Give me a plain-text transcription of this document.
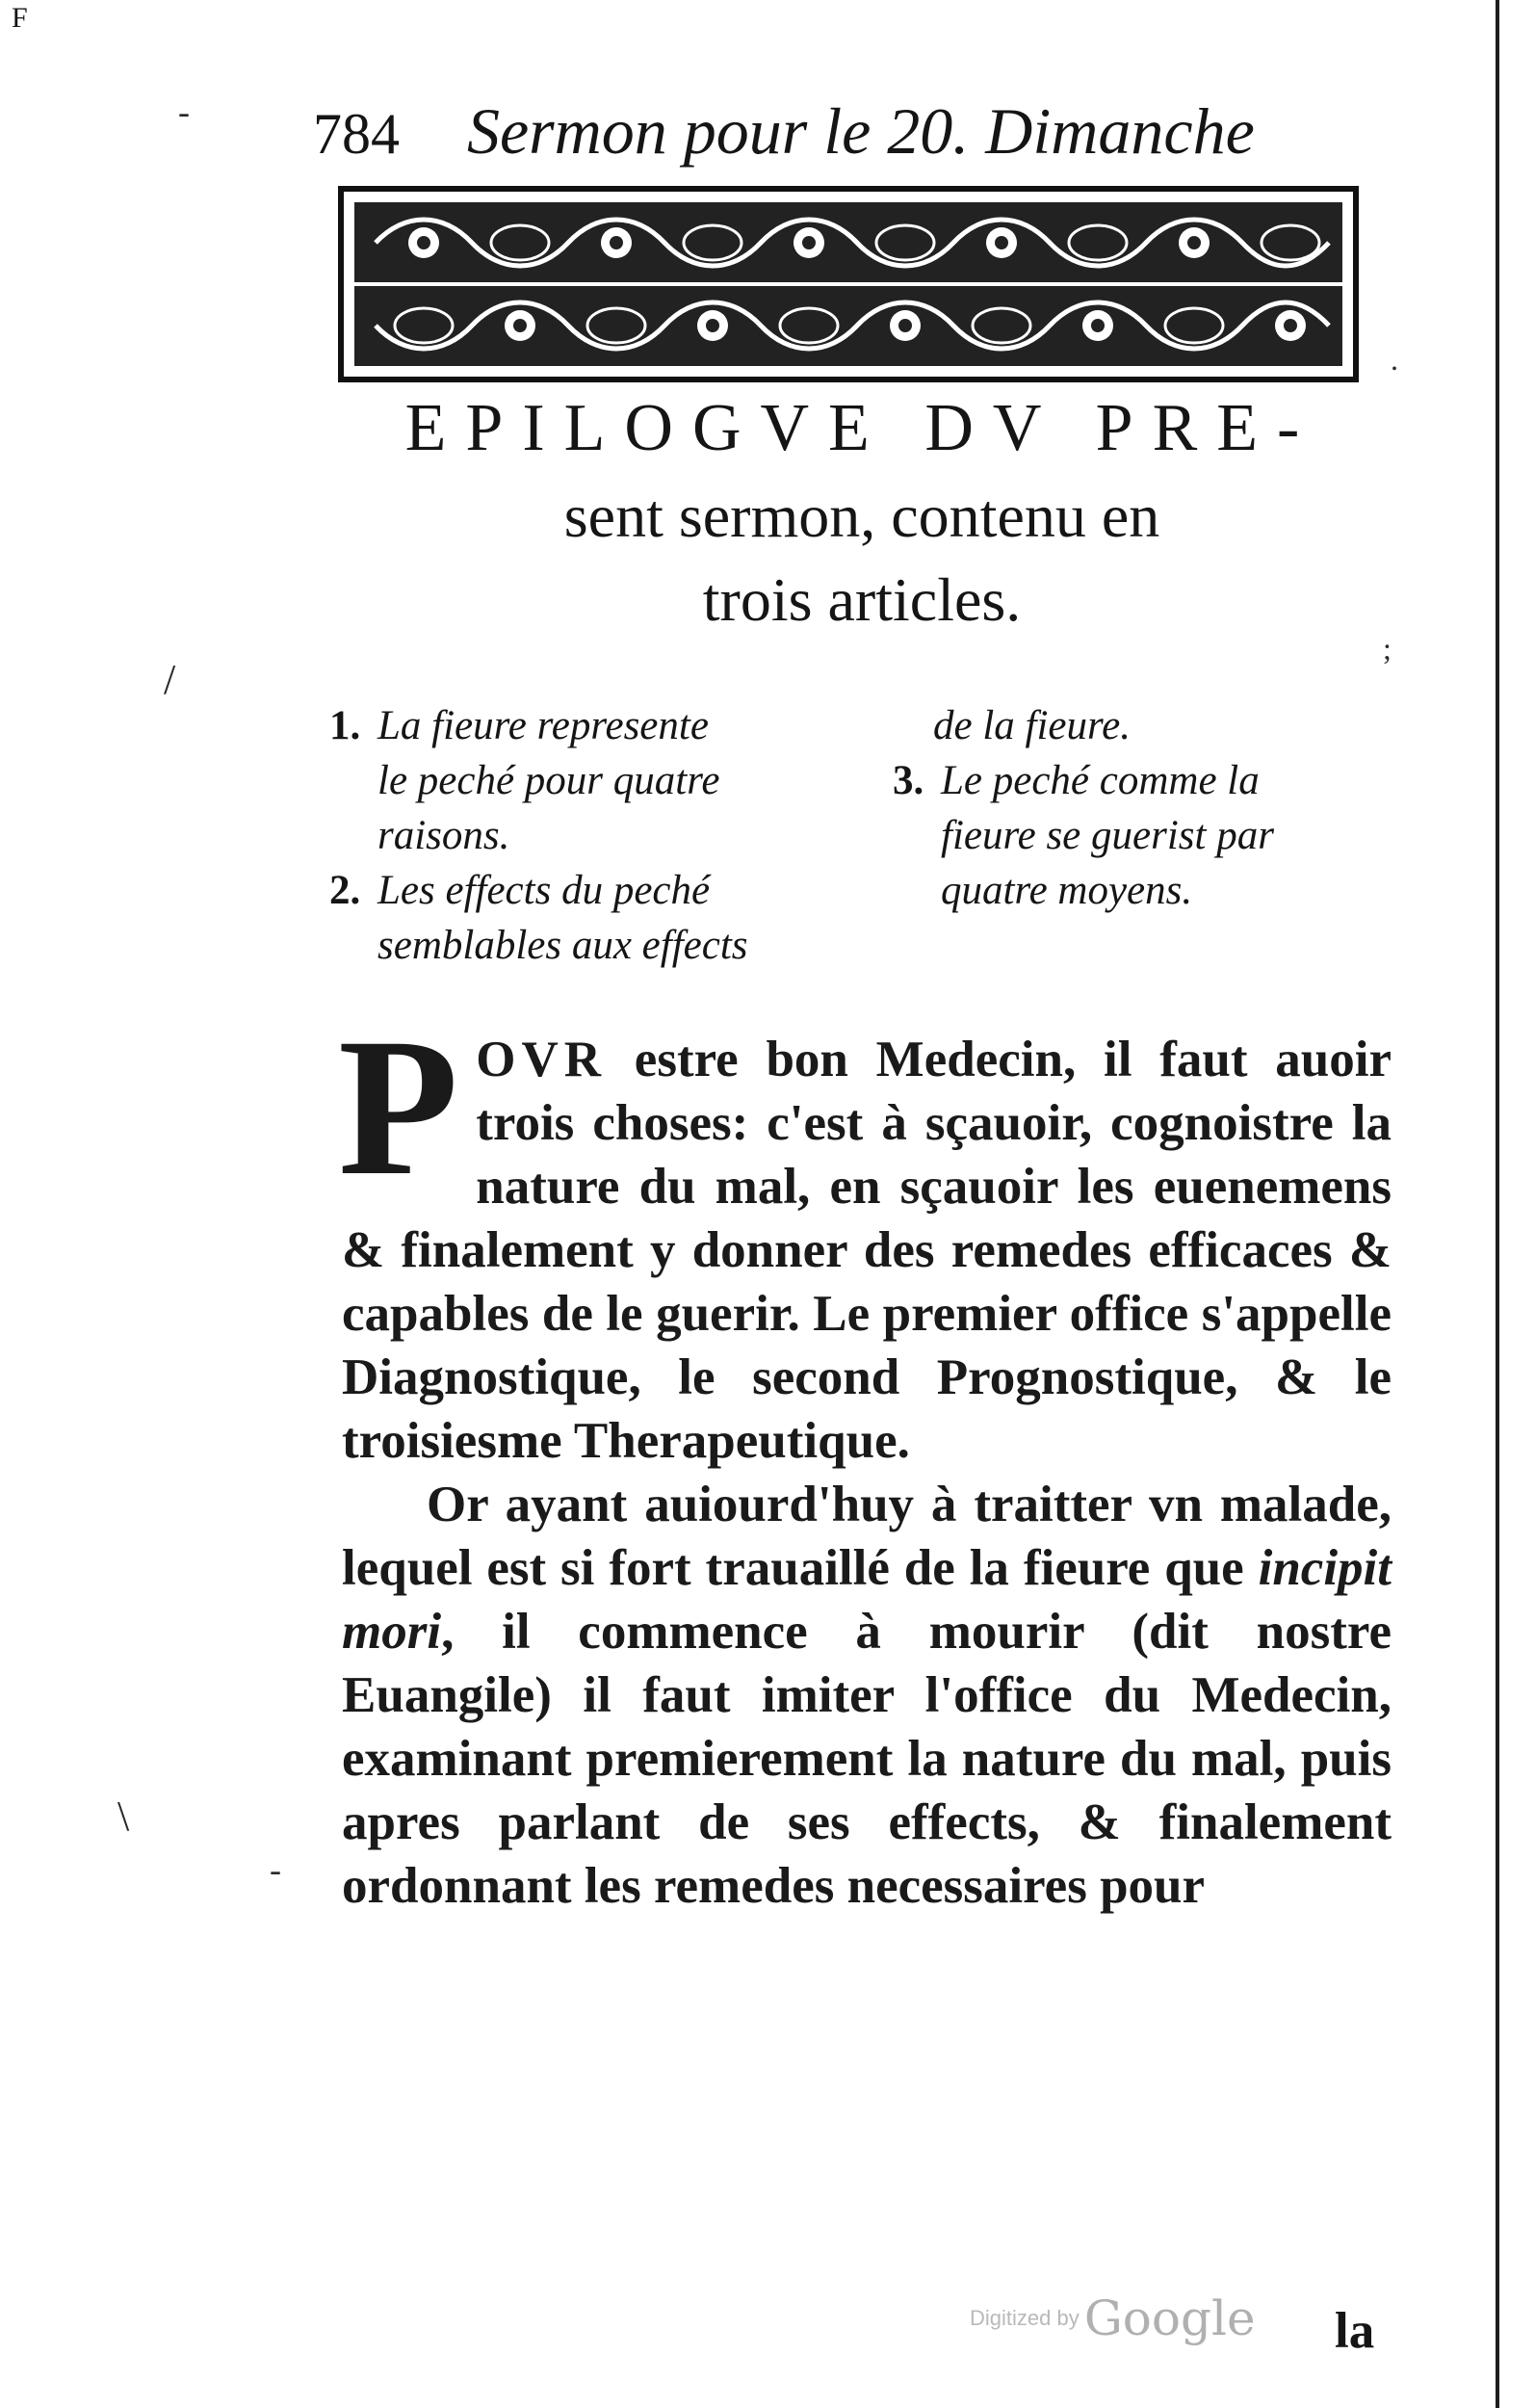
F
/
\
-
-
;
.
784 Sermon pour le 20. Dimanche
EPILOGVE DV PRE-
sent sermon, contenu en
trois articles.

1. La fieure represente
le peché pour quatre
raisons.

2. Les effects du peché
semblables aux effects

de la fieure.

3. Le peché comme la
fieure se guerist par
quatre moyens.

POVR estre bon Medecin, il faut auoir trois choses: c'est à sçauoir, cognoistre la nature du mal, en sçauoir les euenemens & finalement y donner des remedes efficaces & capables de le guerir. Le premier office s'appelle Diagnostique, le second Prognostique, & le troisiesme Therapeutique.

Or ayant auiourd'huy à traitter vn malade, lequel est si fort trauaillé de la fieure que incipit mori, il commence à mourir (dit nostre Euangile) il faut imiter l'office du Medecin, examinant premierement la nature du mal, puis apres parlant de ses effects, & finalement ordonnant les remedes necessaires pour

la
Digitized by Google
